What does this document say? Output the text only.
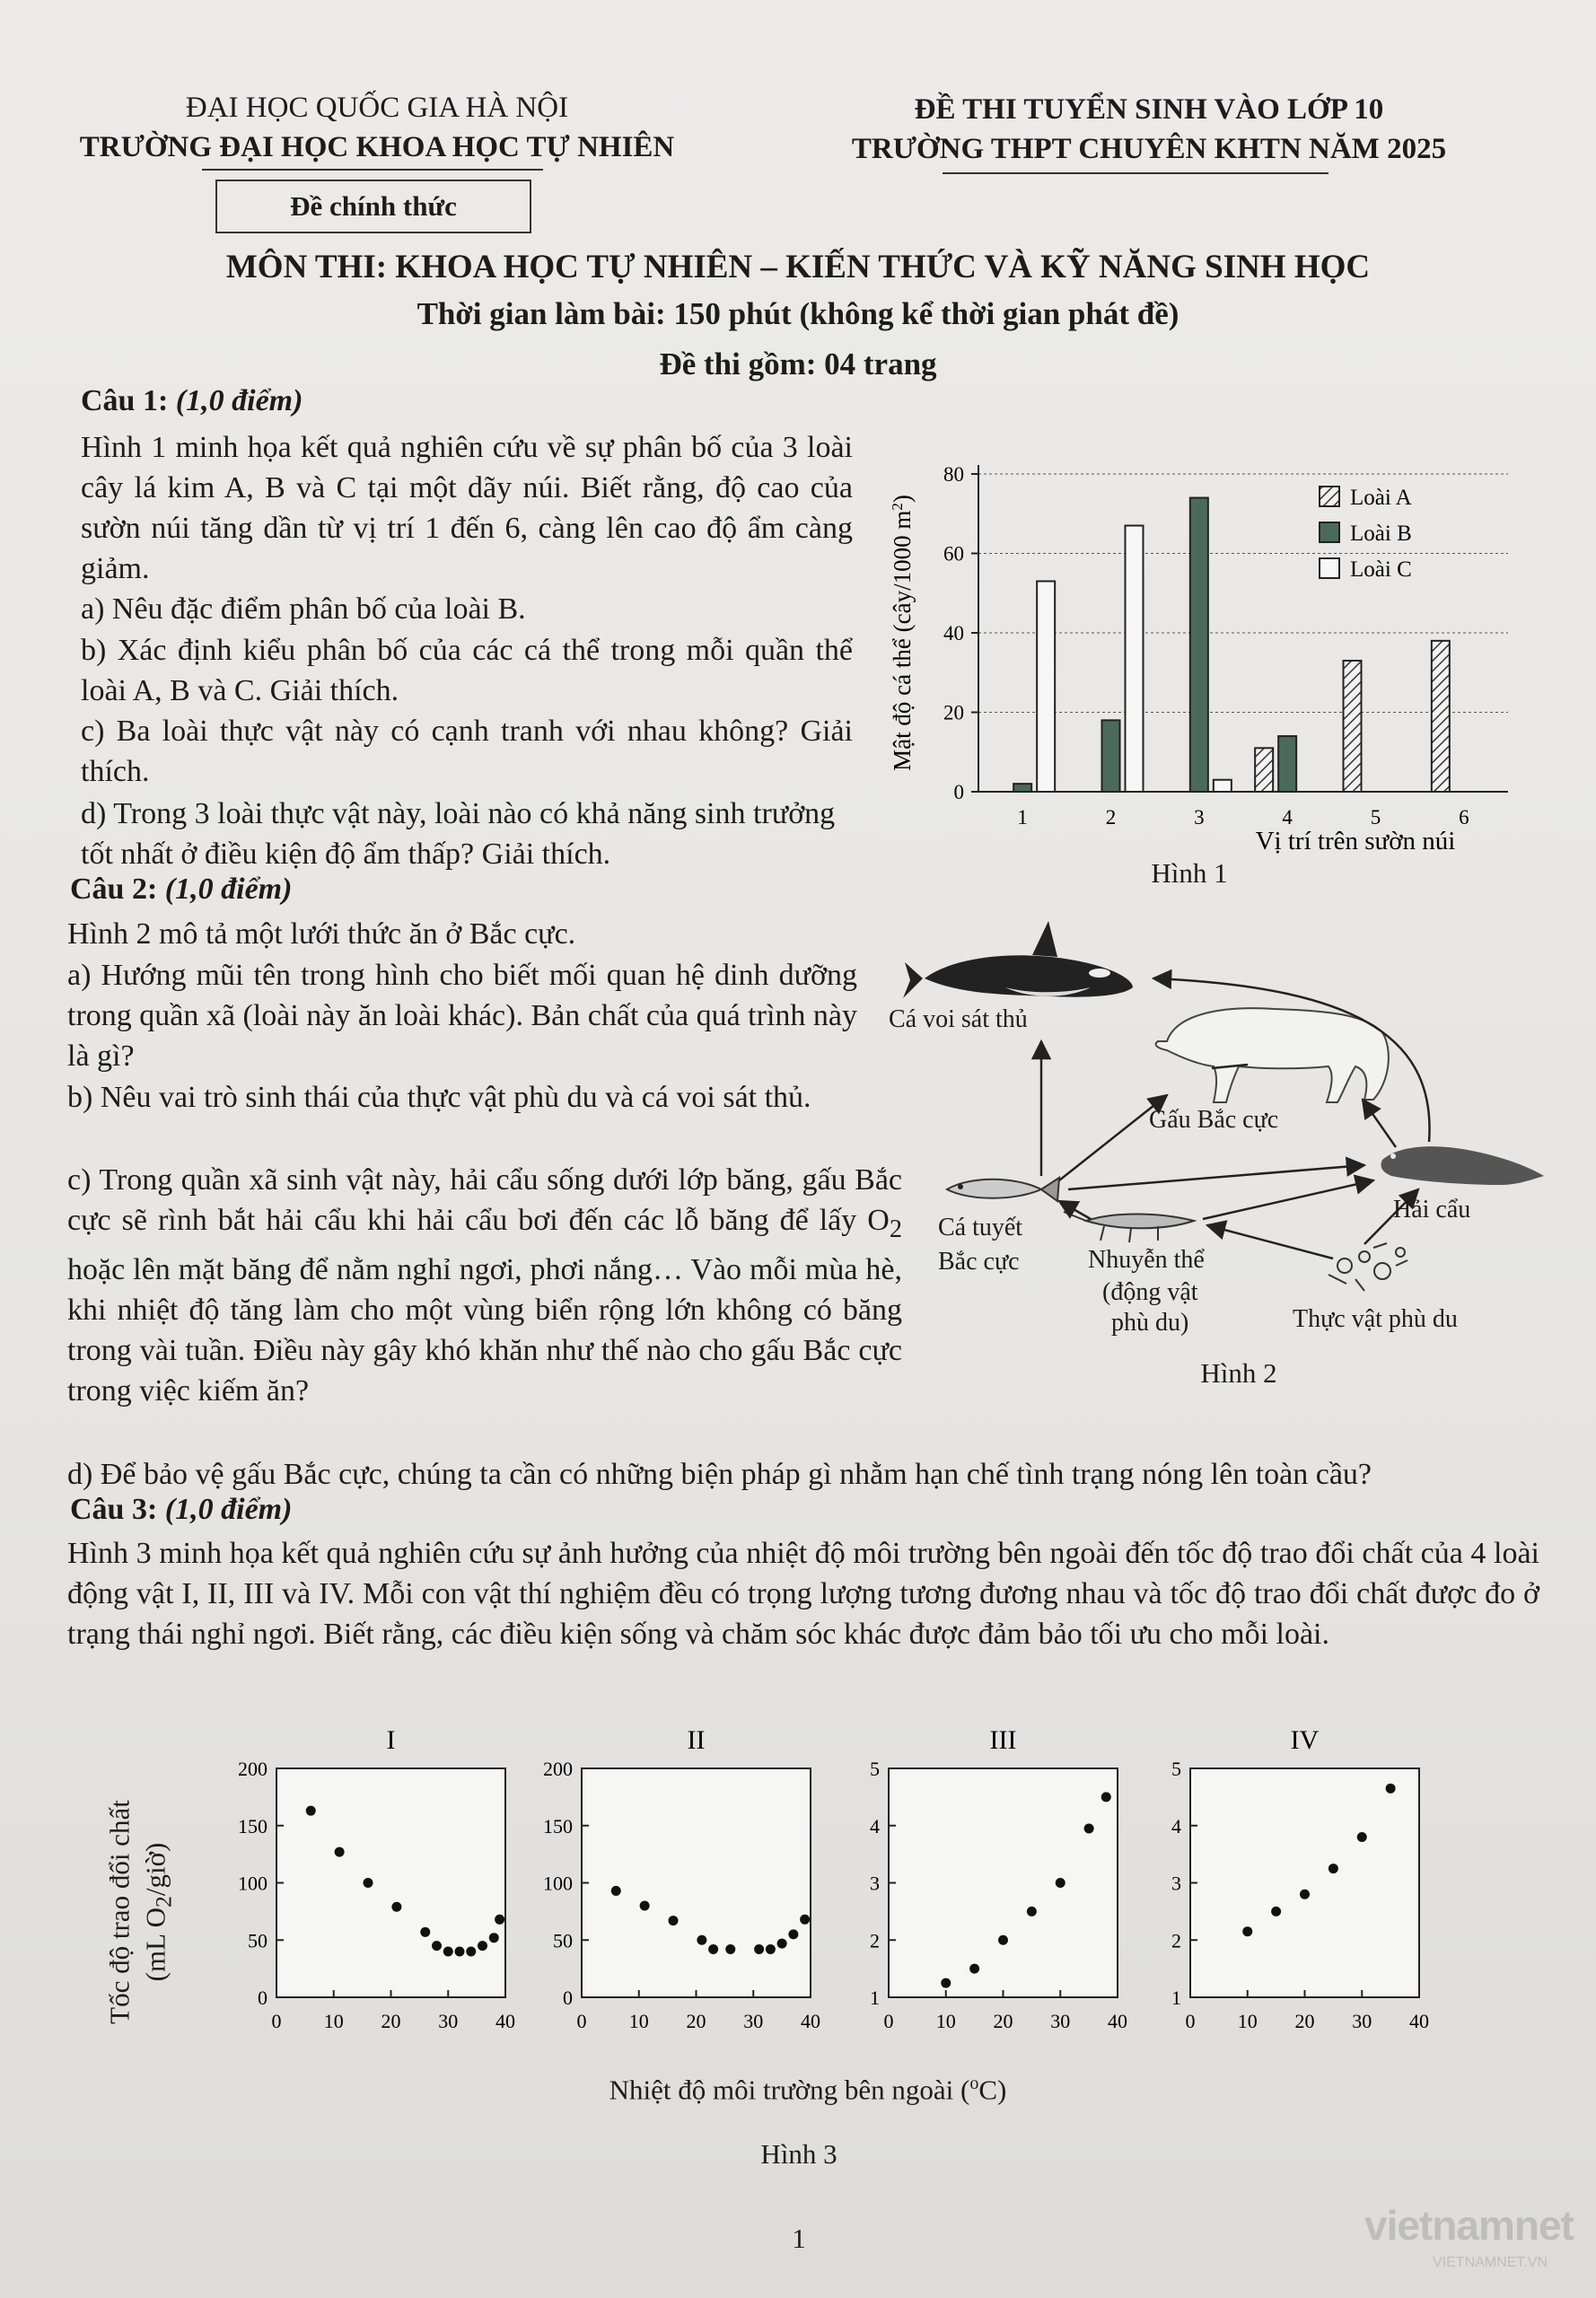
ĐẠI HỌC QUỐC GIA HÀ NỘI
TRƯỜNG ĐẠI HỌC KHOA HỌC TỰ NHIÊN
ĐỀ THI TUYỂN SINH VÀO LỚP 10
TRƯỜNG THPT CHUYÊN KHTN NĂM 2025
Đề chính thức
MÔN THI: KHOA HỌC TỰ NHIÊN – KIẾN THỨC VÀ KỸ NĂNG SINH HỌC
Thời gian làm bài: 150 phút (không kể thời gian phát đề)
Đề thi gồm: 04 trang
Câu 1: (1,0 điểm)
Hình 1 minh họa kết quả nghiên cứu về sự phân bố của 3 loài cây lá kim A, B và C tại một dãy núi. Biết rằng, độ cao của sườn núi tăng dần từ vị trí 1 đến 6, càng lên cao độ ẩm càng giảm.
a) Nêu đặc điểm phân bố của loài B.
b) Xác định kiểu phân bố của các cá thể trong mỗi quần thể loài A, B và C. Giải thích.
c) Ba loài thực vật này có cạnh tranh với nhau không? Giải thích.
d) Trong 3 loài thực vật này, loài nào có khả năng sinh trưởng tốt nhất ở điều kiện độ ẩm thấp? Giải thích.
0
20
40
60
80
1	2	3	4	5	6
Mật độ cá thể (cây/1000 $m^2$)
Vị trí trên sườn núi
Loài A
Loài B
Loài C
Hình 1
Câu 2: (1,0 điểm)
Hình 2 mô tả một lưới thức ăn ở Bắc cực.
a) Hướng mũi tên trong hình cho biết mối quan hệ dinh dưỡng trong quần xã (loài này ăn loài khác). Bản chất của quá trình này là gì?
b) Nêu vai trò sinh thái của thực vật phù du và cá voi sát thủ.
c) Trong quần xã sinh vật này, hải cẩu sống dưới lớp băng, gấu Bắc cực sẽ rình bắt hải cẩu khi hải cẩu bơi đến các lỗ băng để lấy $O_2$ hoặc lên mặt băng để nằm nghỉ ngơi, phơi nắng… Vào mỗi mùa hè, khi nhiệt độ tăng làm cho một vùng biển rộng lớn không có băng trong vài tuần. Điều này gây khó khăn như thế nào cho gấu Bắc cực trong việc kiếm ăn?
d) Để bảo vệ gấu Bắc cực, chúng ta cần có những biện pháp gì nhằm hạn chế tình trạng nóng lên toàn cầu?
Cá voi sát thủ
Gấu Bắc cực
Hải cẩu
Cá tuyết
Bắc cực	Nhuyễn thể
(động vật
phù du)	Thực vật phù du
Hình 2
Câu 3: (1,0 điểm)
Hình 3 minh họa kết quả nghiên cứu sự ảnh hưởng của nhiệt độ môi trường bên ngoài đến tốc độ trao đổi chất của 4 loài động vật I, II, III và IV. Mỗi con vật thí nghiệm đều có trọng lượng tương đương nhau và tốc độ trao đổi chất được đo ở trạng thái nghỉ ngơi. Biết rằng, các điều kiện sống và chăm sóc khác được đảm bảo tối ưu cho mỗi loài.
I
0 10 20 30 40
0
50
100
150
200
II
0 10 20 30 40
0
50
100
150
200
III
0 10 20 30 40
1
2
3
4
5
IV
0 10 20 30 40
1
2
3
4
5
Tốc độ trao đổi chất (mL $O_2/giờ$)
Nhiệt độ môi trường bên ngoài ($^o$C)
Hình 3
1	vietnamnet
VIETNAMNET.VN
